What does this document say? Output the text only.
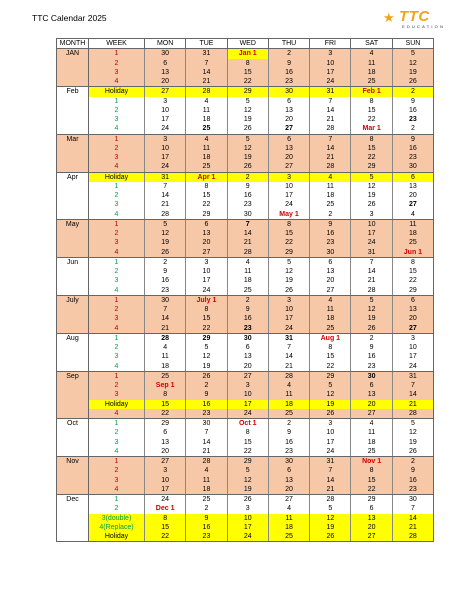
TTC Calendar 2025	★ TTC
EDUCATION
MONTH	WEEK	MON	TUE	WED	THU	FRI	SAT	SUN
JAN	1	30	31	Jan 1	2	3	4	5
	2	6	7	8	9	10	11	12
	3	13	14	15	16	17	18	19
	4	20	21	22	23	24	25	26
Feb	Holiday	27	28	29	30	31	Feb 1	2
	1	3	4	5	6	7	8	9
	2	10	11	12	13	14	15	16
	3	17	18	19	20	21	22	23
	4	24	25	26	27	28	Mar 1	2
Mar	1	3	4	5	6	7	8	9
	2	10	11	12	13	14	15	16
	3	17	18	19	20	21	22	23
	4	24	25	26	27	28	29	30
Apr	Holiday	31	Apr 1	2	3	4	5	6
	1	7	8	9	10	11	12	13
	2	14	15	16	17	18	19	20
	3	21	22	23	24	25	26	27
	4	28	29	30	May 1	2	3	4
May	1	5	6	7	8	9	10	11
	2	12	13	14	15	16	17	18
	3	19	20	21	22	23	24	25
	4	26	27	28	29	30	31	Jun 1
Jun	1	2	3	4	5	6	7	8
	2	9	10	11	12	13	14	15
	3	16	17	18	19	20	21	22
	4	23	24	25	26	27	28	29
July	1	30	July 1	2	3	4	5	6
	2	7	8	9	10	11	12	13
	3	14	15	16	17	18	19	20
	4	21	22	23	24	25	26	27
Aug	1	28	29	30	31	Aug 1	2	3
	2	4	5	6	7	8	9	10
	3	11	12	13	14	15	16	17
	4	18	19	20	21	22	23	24
Sep	1	25	26	27	28	29	30	31
	2	Sep 1	2	3	4	5	6	7
	3	8	9	10	11	12	13	14
	Holiday	15	16	17	18	19	20	21
	4	22	23	24	25	26	27	28
Oct	1	29	30	Oct 1	2	3	4	5
	2	6	7	8	9	10	11	12
	3	13	14	15	16	17	18	19
	4	20	21	22	23	24	25	26
Nov	1	27	28	29	30	31	Nov 1	2
	2	3	4	5	6	7	8	9
	3	10	11	12	13	14	15	16
	4	17	18	19	20	21	22	23
Dec	1	24	25	26	27	28	29	30
	2	Dec 1	2	3	4	5	6	7
	3(double)	8	9	10	11	12	13	14
	4(Replace)	15	16	17	18	19	20	21
	Holiday	22	23	24	25	26	27	28
